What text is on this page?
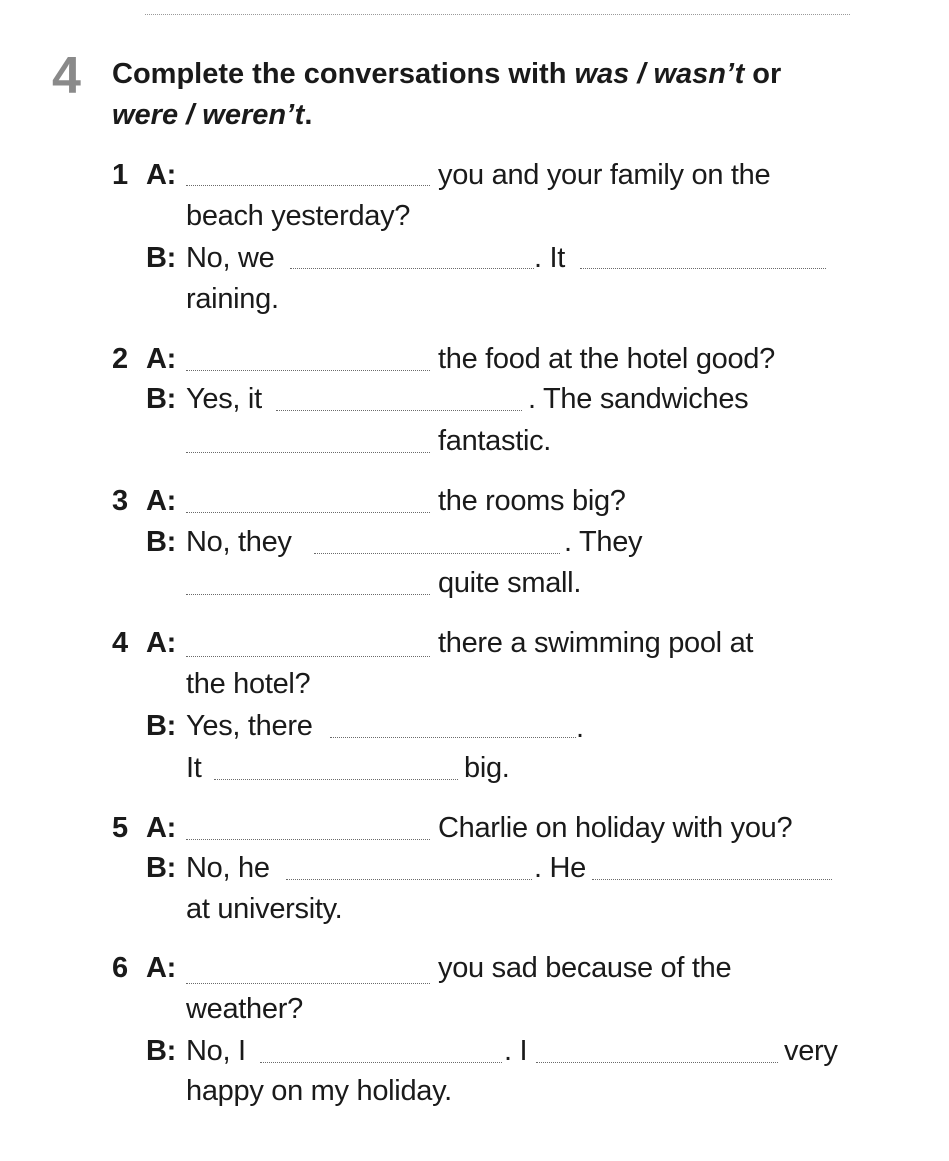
4 Complete the conversations with was / wasn’t or
were / weren’t.
1 A:	you and your family on the
beach yesterday?
B: No, we	. It
raining.
2 A:	the food at the hotel good?
B: Yes, it	. The sandwiches
fantastic.
3 A:	the rooms big?
B: No, they	. They
quite small.
4 A:	there a swimming pool at
the hotel?
B: Yes, there	.
It	big.
5 A:	Charlie on holiday with you?
B: No, he	. He
at university.
6 A:	you sad because of the
weather?
B: No, I	. I	very
happy on my holiday.
